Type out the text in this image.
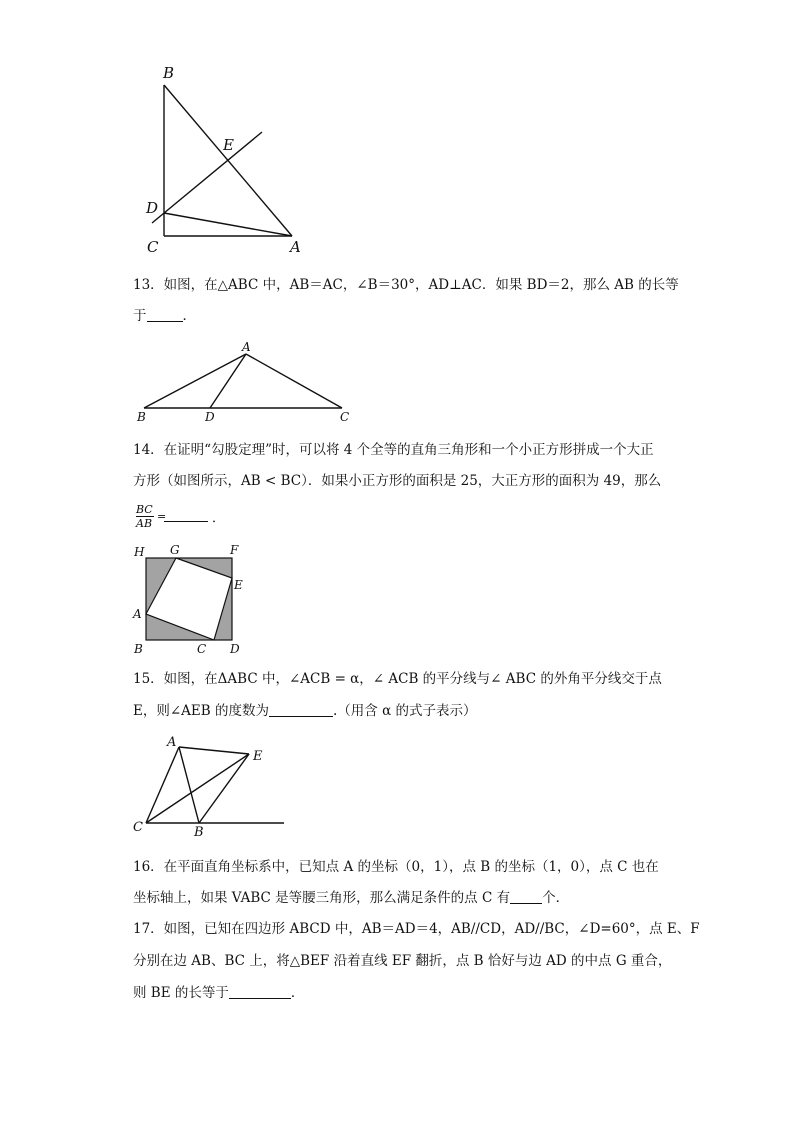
B
E
D
C	A
13．如图，在△ABC 中，AB＝AC，∠B＝30°，AD⊥AC．如果 BD＝2，那么 AB 的长等
于	．
A
B	D	C
14．在证明“勾股定理”时，可以将 4 个全等的直角三角形和一个小正方形拼成一个大正
方形（如图所示，AB < BC）．如果小正方形的面积是 25，大正方形的面积为 49，那么
BC
AB
=	．
H G	F
E
A
B	C D
15．如图，在ΔABC 中，∠ACB = α，∠ ACB 的平分线与∠ ABC 的外角平分线交于点
E，则∠AEB 的度数为	.（用含 α 的式子表示）
A
E
C	B
16．在平面直角坐标系中，已知点 A 的坐标（0，1），点 B 的坐标（1，0），点 C 也在
坐标轴上，如果 VABC 是等腰三角形，那么满足条件的点 C 有 个．
17．如图，已知在四边形 ABCD 中，AB＝AD＝4，AB//CD，AD//BC，∠D=60°，点 E、F
分别在边 AB、BC 上，将△BEF 沿着直线 EF 翻折，点 B 恰好与边 AD 的中点 G 重合，
则 BE 的长等于	．
